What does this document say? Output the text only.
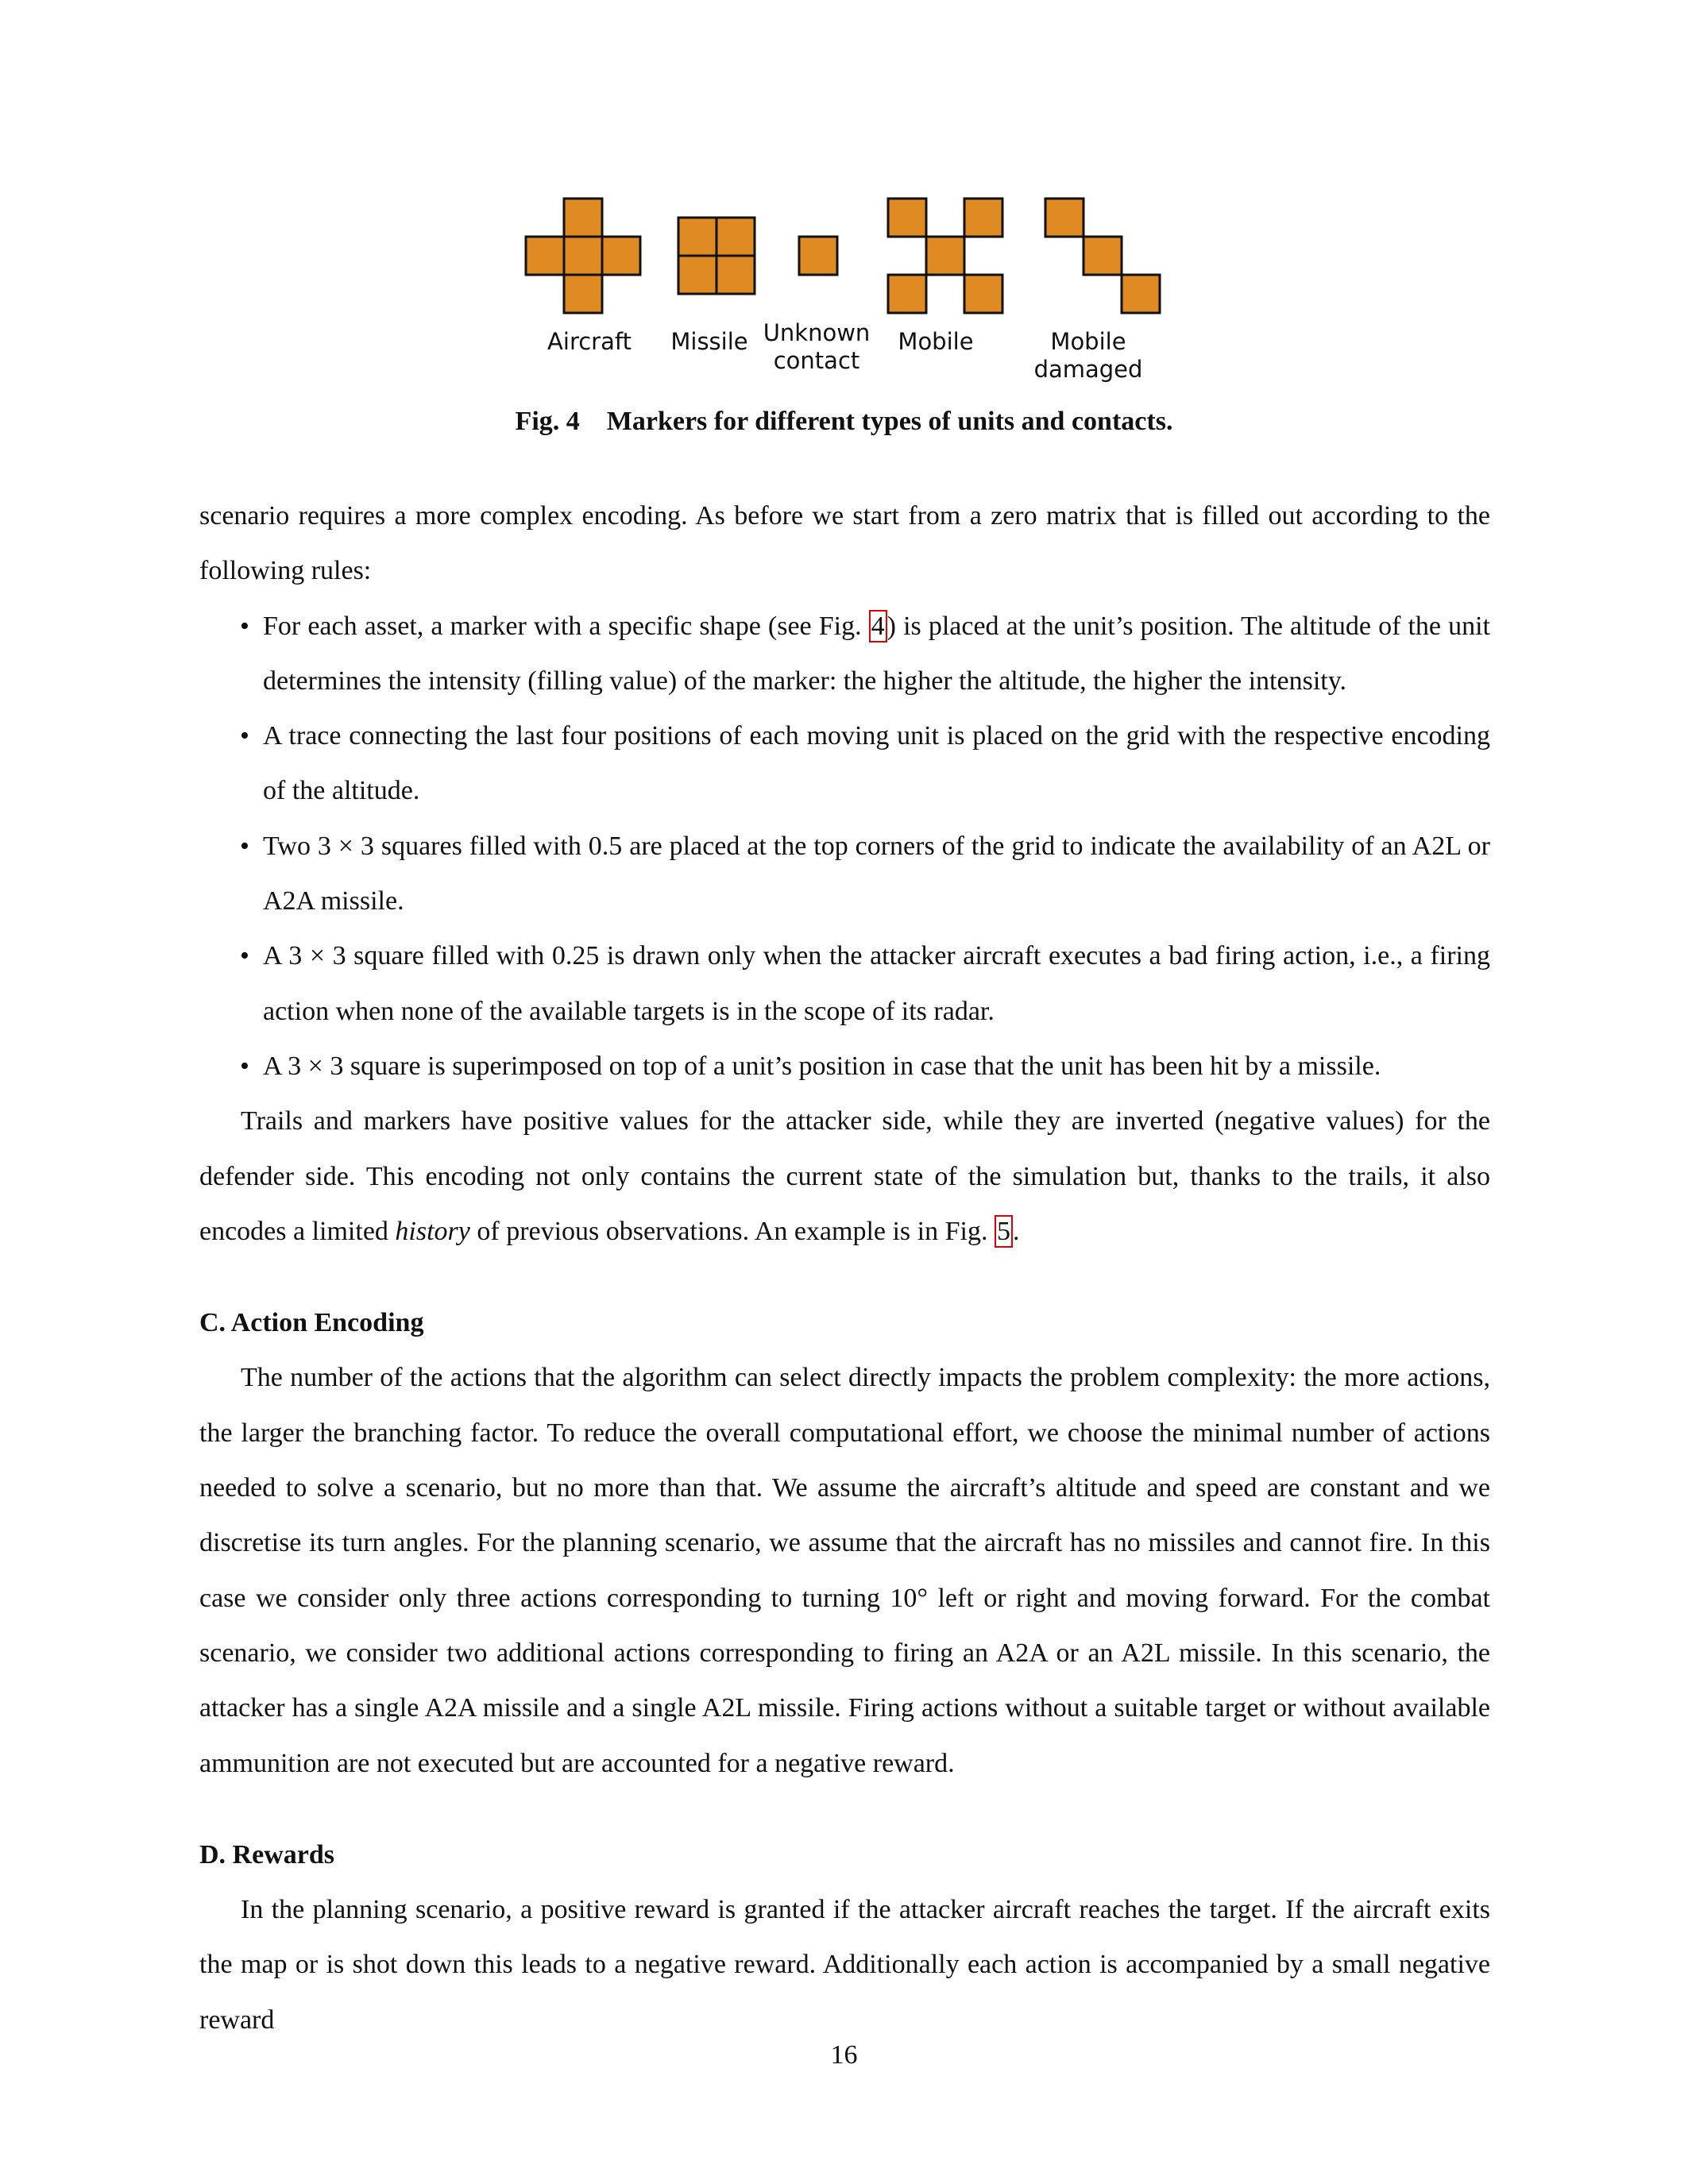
Aircraft	Missile Unknown
contact
Mobile	Mobile
damaged
Fig. 4 Markers for different types of units and contacts.

scenario requires a more complex encoding. As before we start from a zero matrix that is filled out according to the following rules:

• For each asset, a marker with a specific shape (see Fig. 4) is placed at the unit’s position. The altitude of the unit determines the intensity (filling value) of the marker: the higher the altitude, the higher the intensity.
• A trace connecting the last four positions of each moving unit is placed on the grid with the respective encoding of the altitude.
• Two 3 × 3 squares filled with 0.5 are placed at the top corners of the grid to indicate the availability of an A2L or A2A missile.
• A 3 × 3 square filled with 0.25 is drawn only when the attacker aircraft executes a bad firing action, i.e., a firing action when none of the available targets is in the scope of its radar.
• A 3 × 3 square is superimposed on top of a unit’s position in case that the unit has been hit by a missile.

Trails and markers have positive values for the attacker side, while they are inverted (negative values) for the defender side. This encoding not only contains the current state of the simulation but, thanks to the trails, it also encodes a limited history of previous observations. An example is in Fig. 5.

C. Action Encoding

The number of the actions that the algorithm can select directly impacts the problem complexity: the more actions, the larger the branching factor. To reduce the overall computational effort, we choose the minimal number of actions needed to solve a scenario, but no more than that. We assume the aircraft’s altitude and speed are constant and we discretise its turn angles. For the planning scenario, we assume that the aircraft has no missiles and cannot fire. In this case we consider only three actions corresponding to turning 10° left or right and moving forward. For the combat scenario, we consider two additional actions corresponding to firing an A2A or an A2L missile. In this scenario, the attacker has a single A2A missile and a single A2L missile. Firing actions without a suitable target or without available ammunition are not executed but are accounted for a negative reward.

D. Rewards

In the planning scenario, a positive reward is granted if the attacker aircraft reaches the target. If the aircraft exits the map or is shot down this leads to a negative reward. Additionally each action is accompanied by a small negative reward

16
